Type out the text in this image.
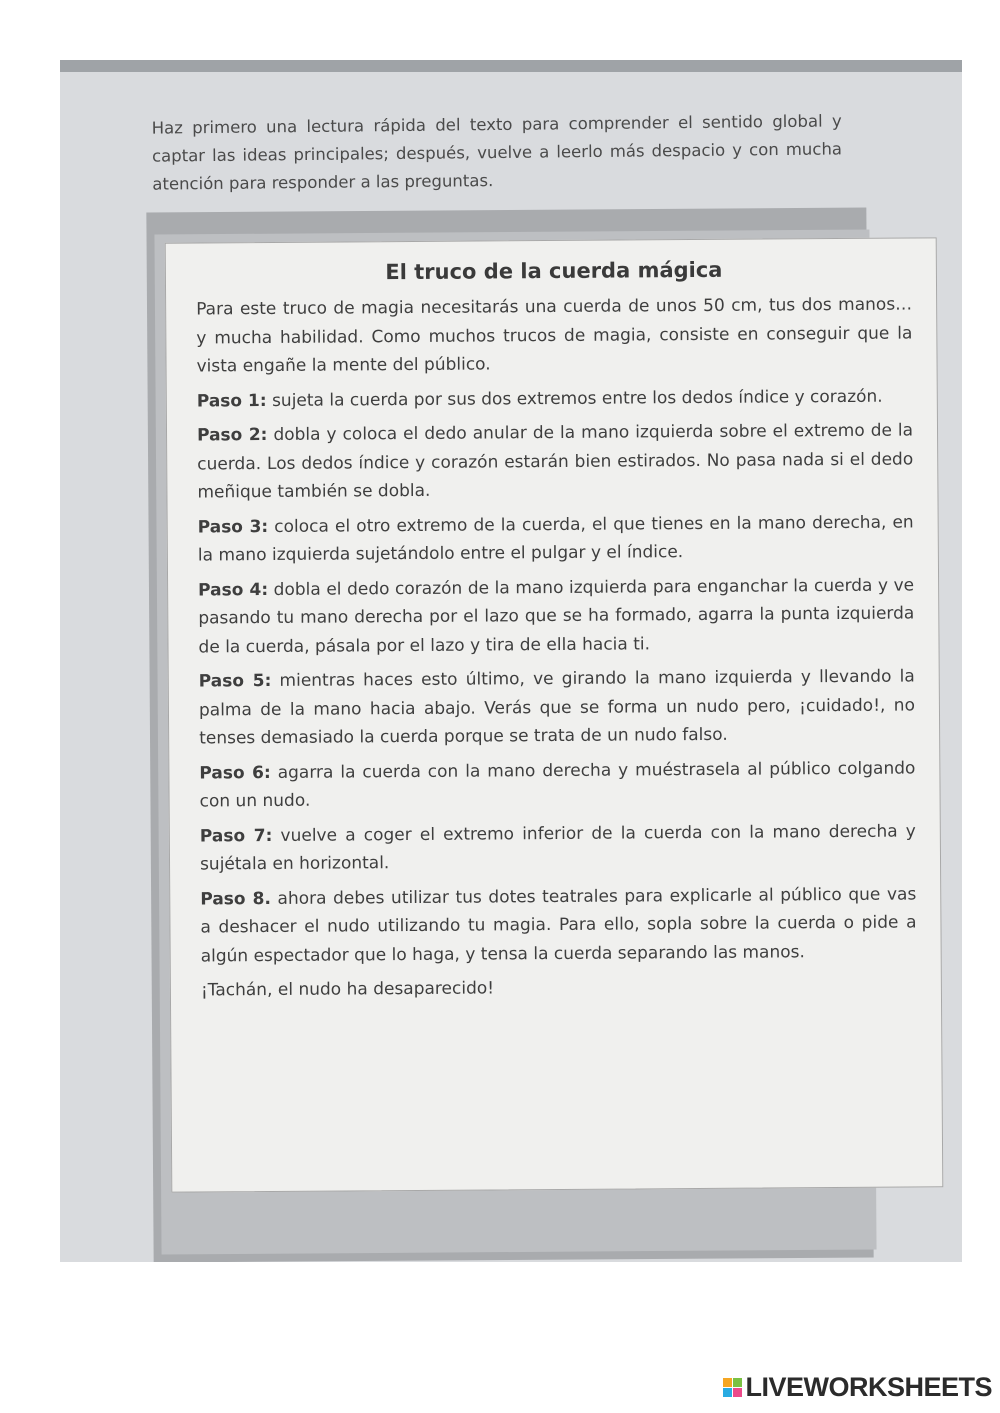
Haz primero una lectura rápida del texto para comprender el sentido global y captar las ideas principales; después, vuelve a leerlo más despacio y con mucha atención para responder a las preguntas.

El truco de la cuerda mágica

Para este truco de magia necesitarás una cuerda de unos 50 cm, tus dos manos… y mucha habilidad. Como muchos trucos de magia, consiste en conseguir que la vista engañe la mente del público.

Paso 1: sujeta la cuerda por sus dos extremos entre los dedos índice y corazón.

Paso 2: dobla y coloca el dedo anular de la mano izquierda sobre el extremo de la cuerda. Los dedos índice y corazón estarán bien estirados. No pasa nada si el dedo meñique también se dobla.

Paso 3: coloca el otro extremo de la cuerda, el que tienes en la mano derecha, en la mano izquierda sujetándolo entre el pulgar y el índice.

Paso 4: dobla el dedo corazón de la mano izquierda para enganchar la cuerda y ve pasando tu mano derecha por el lazo que se ha formado, agarra la punta izquierda de la cuerda, pásala por el lazo y tira de ella hacia ti.

Paso 5: mientras haces esto último, ve girando la mano izquierda y llevando la palma de la mano hacia abajo. Verás que se forma un nudo pero, ¡cuidado!, no tenses demasiado la cuerda porque se trata de un nudo falso.

Paso 6: agarra la cuerda con la mano derecha y muéstrasela al público colgando con un nudo.

Paso 7: vuelve a coger el extremo inferior de la cuerda con la mano derecha y sujétala en horizontal.

Paso 8. ahora debes utilizar tus dotes teatrales para explicarle al público que vas a deshacer el nudo utilizando tu magia. Para ello, sopla sobre la cuerda o pide a algún espectador que lo haga, y tensa la cuerda separando las manos.

¡Tachán, el nudo ha desaparecido!

LIVEWORKSHEETS
